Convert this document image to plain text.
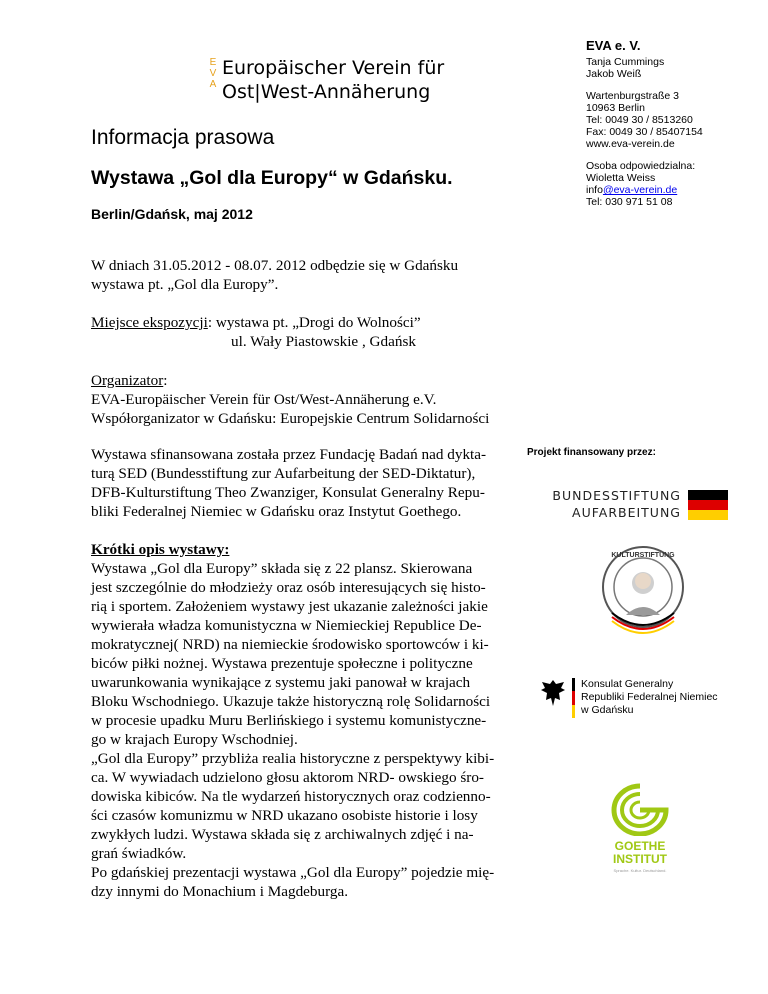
E
V
A
Europäischer Verein für
Ost|West-Annäherung
EVA e. V.
Tanja Cummings
Jakob Weiß
Wartenburgstraße 3
10963 Berlin
Tel: 0049 30 / 8513260
Fax: 0049 30 / 85407154
www.eva-verein.de
Osoba odpowiedzialna:
Wioletta Weiss
info@eva-verein.de
Tel: 030 971 51 08
Informacja prasowa
Wystawa „Gol dla Europy“ w Gdańsku.
Berlin/Gdańsk, maj 2012
W dniach 31.05.2012 - 08.07. 2012 odbędzie się w Gdańsku
wystawa pt. „Gol dla Europy”.
Miejsce ekspozycji: wystawa pt. „Drogi do Wolności”
ul. Wały Piastowskie , Gdańsk
Organizator:
EVA-Europäischer Verein für Ost/West-Annäherung e.V.
Współorganizator w Gdańsku: Europejskie Centrum Solidarności
Wystawa sfinansowana została przez Fundację Badań nad dykta-
turą SED (Bundesstiftung zur Aufarbeitung der SED-Diktatur),
DFB-Kulturstiftung Theo Zwanziger, Konsulat Generalny Repu-
bliki Federalnej Niemiec w Gdańsku oraz Instytut Goethego.
Krótki opis wystawy:
Wystawa „Gol dla Europy” składa się z 22 plansz. Skierowana
jest szczególnie do młodzieży oraz osób interesujących się histo-
rią i sportem. Założeniem wystawy jest ukazanie zależności jakie
wywierała władza komunistyczna w Niemieckiej Republice De-
mokratycznej( NRD) na niemieckie środowisko sportowców i ki-
biców piłki nożnej. Wystawa prezentuje społeczne i polityczne
uwarunkowania wynikające z systemu jaki panował w krajach
Bloku Wschodniego. Ukazuje także historyczną rolę Solidarności
w procesie upadku Muru Berlińskiego i systemu komunistyczne-
go w krajach Europy Wschodniej.
„Gol dla Europy” przybliża realia historyczne z perspektywy kibi-
ca. W wywiadach udzielono głosu aktorom NRD- owskiego śro-
dowiska kibiców. Na tle wydarzeń historycznych oraz codzienno-
ści czasów komunizmu w NRD ukazano osobiste historie i losy
zwykłych ludzi. Wystawa składa się z archiwalnych zdjęć i na-
grań świadków.
Po gdańskiej prezentacji wystawa „Gol dla Europy” pojedzie mię-
dzy innymi do Monachium i Magdeburga.
Projekt finansowany przez:
BUNDESSTIFTUNG
AUFARBEITUNG
KULTURSTIFTUNG
Konsulat Generalny
Republiki Federalnej Niemiec
w Gdańsku
GOETHE
INSTITUT
Sprache. Kultur. Deutschland.
